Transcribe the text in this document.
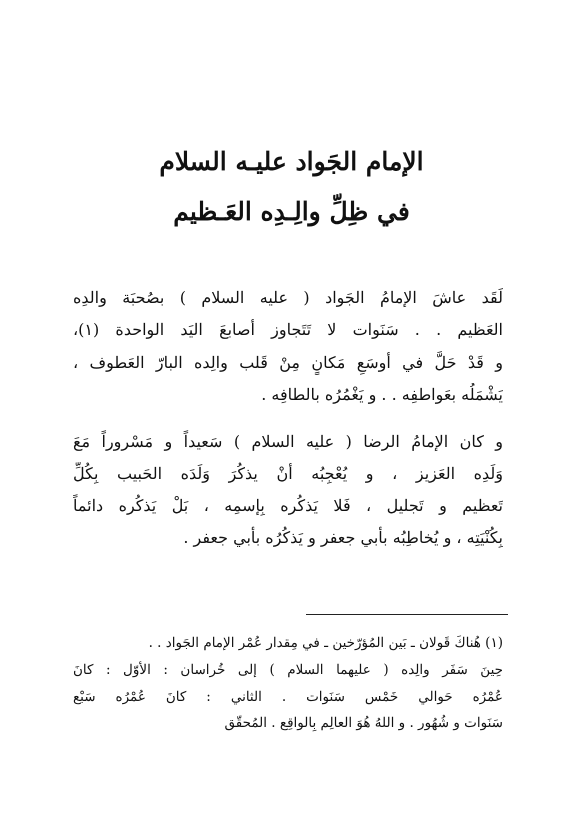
الإمام الجَواد عليـه السلام
في ظِلِّ والِـدِه العَـظيم
لَقَد عاشَ الإمامُ الجَواد ( عليه السلام ) بصُحبَة والدِه
العَظيم . . سَنَوات لا تَتَجاوز أصابعَ اليَد الواحدة (١)،
و قَدْ حَلَّ في أوسَعِ مَكانٍ مِنْ قَلب والِده البارّ العَطوف ،
يَشْمَلُه بعَواطفِه . . و يَغْمُرُه بالطافِه .
و كان الإمامُ الرضا ( عليه السلام ) سَعيداً و مَسْروراً مَعَ
وَلَدِه العَزيز ، و يُعْجِبُه أنْ يذكُرَ وَلَدَه الحَبيب بِكُلِّ
تَعظيم و تَجليل ، فَلا يَذكُره بِإسمِه ، بَلْ يَذكُره دائماً
بِكُنْيَتِه ، و يُخاطِبُه بأبي جعفر و يَذكُرُه بأبي جعفر .
(١) هُناكَ قَولان ـ بَين المُؤرّخين ـ في مِقدار عُمْر الإمام الجَواد . .
حِينَ سَفَر والِده ( عليهما السلام ) إلى خُراسان : الأوّل : كانَ
عُمْرُه حَوالي خَمْس سَنَوات . الثاني : كانَ عُمْرُه سَبْع
سَنَوات و شُهُور . و اللهُ هُوَ العالِم بِالواقِع . المُحقّق
